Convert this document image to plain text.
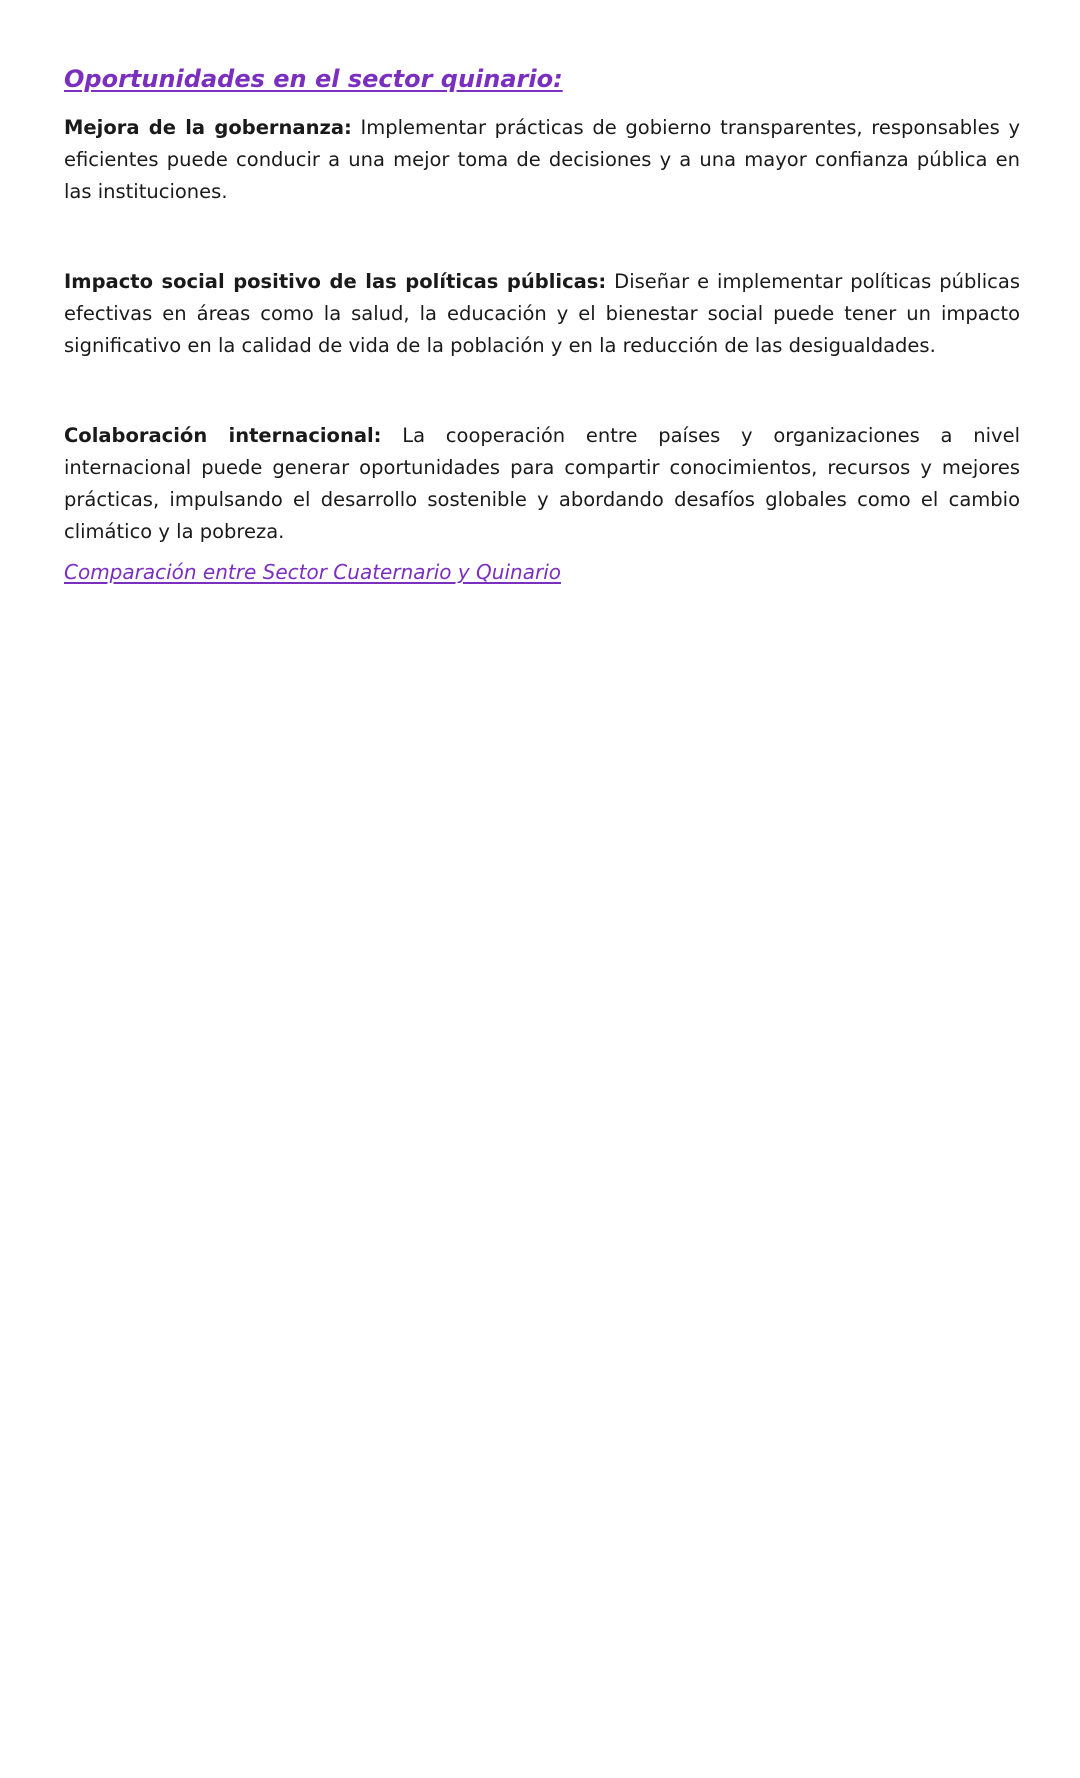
Oportunidades en el sector quinario:

Mejora de la gobernanza: Implementar prácticas de gobierno transparentes, responsables y eficientes puede conducir a una mejor toma de decisiones y a una mayor confianza pública en las instituciones.

Impacto social positivo de las políticas públicas: Diseñar e implementar políticas públicas efectivas en áreas como la salud, la educación y el bienestar social puede tener un impacto significativo en la calidad de vida de la población y en la reducción de las desigualdades.

Colaboración internacional: La cooperación entre países y organizaciones a nivel internacional puede generar oportunidades para compartir conocimientos, recursos y mejores prácticas, impulsando el desarrollo sostenible y abordando desafíos globales como el cambio climático y la pobreza.

Comparación entre Sector Cuaternario y Quinario
